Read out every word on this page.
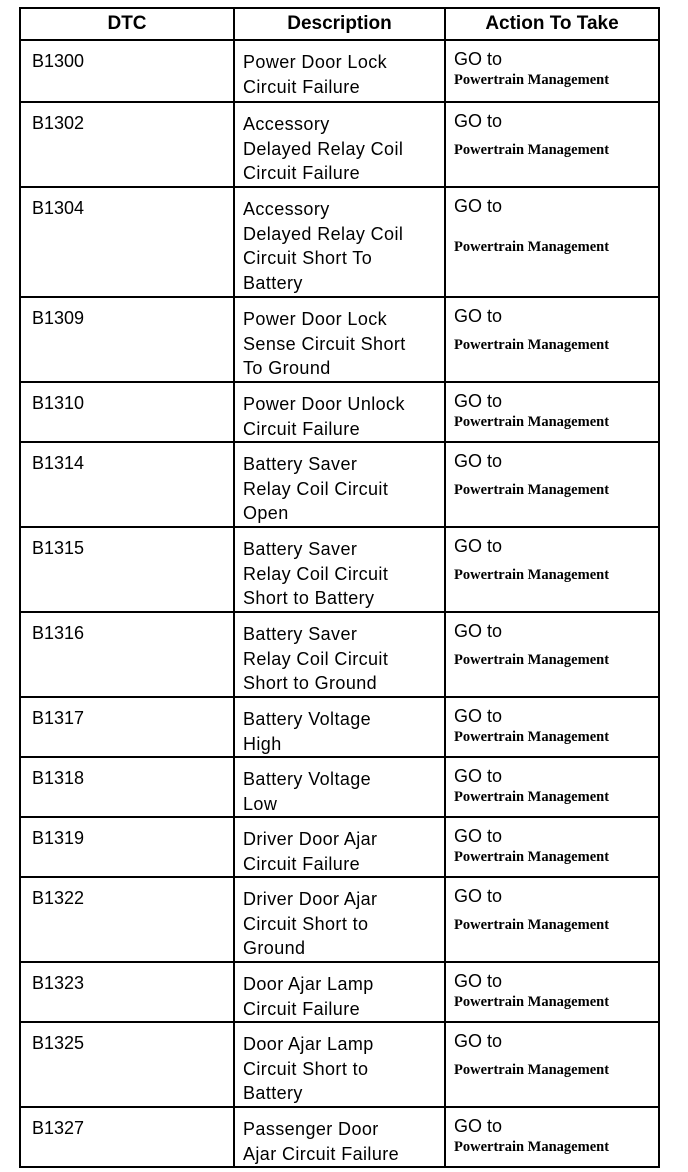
DTC	Description	Action To Take
B1300	Power Door Lock
Circuit Failure	GO to
Powertrain Management

B1302	Accessory
Delayed Relay Coil
Circuit Failure	GO to
Powertrain Management

B1304	Accessory
Delayed Relay Coil
Circuit Short To
Battery	GO to
Powertrain Management

B1309	Power Door Lock
Sense Circuit Short
To Ground	GO to
Powertrain Management

B1310	Power Door Unlock
Circuit Failure	GO to
Powertrain Management

B1314	Battery Saver
Relay Coil Circuit
Open	GO to
Powertrain Management

B1315	Battery Saver
Relay Coil Circuit
Short to Battery	GO to
Powertrain Management

B1316	Battery Saver
Relay Coil Circuit
Short to Ground	GO to
Powertrain Management

B1317	Battery Voltage
High	GO to
Powertrain Management

B1318	Battery Voltage
Low	GO to
Powertrain Management

B1319	Driver Door Ajar
Circuit Failure	GO to
Powertrain Management

B1322	Driver Door Ajar
Circuit Short to
Ground	GO to
Powertrain Management

B1323	Door Ajar Lamp
Circuit Failure	GO to
Powertrain Management

B1325	Door Ajar Lamp
Circuit Short to
Battery	GO to
Powertrain Management

B1327	Passenger Door
Ajar Circuit Failure	GO to
Powertrain Management
